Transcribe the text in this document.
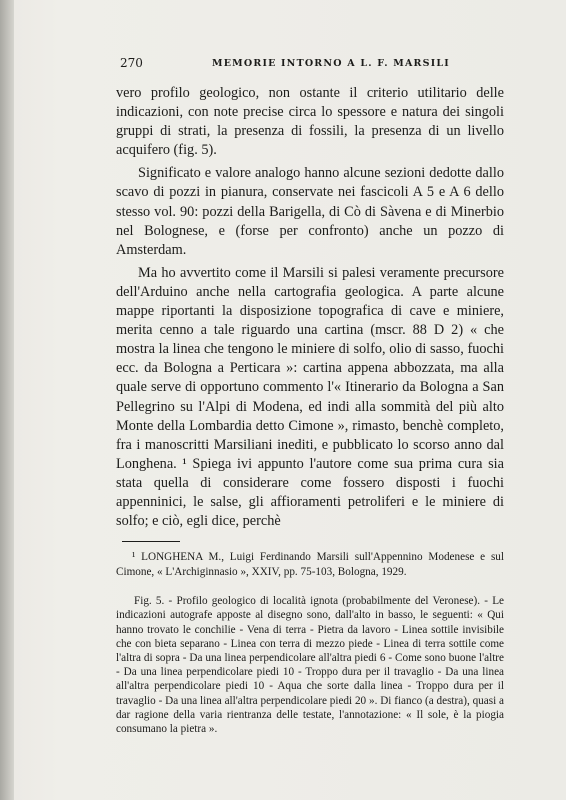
270	MEMORIE INTORNO A L. F. MARSILI

vero profilo geologico, non ostante il criterio utilitario delle indicazioni, con note precise circa lo spessore e natura dei singoli gruppi di strati, la presenza di fossili, la presenza di un livello acquifero (fig. 5).

Significato e valore analogo hanno alcune sezioni dedotte dallo scavo di pozzi in pianura, conservate nei fascicoli A 5 e A 6 dello stesso vol. 90: pozzi della Barigella, di Cò di Sàvena e di Minerbio nel Bolognese, e (forse per confronto) anche un pozzo di Amsterdam.

Ma ho avvertito come il Marsili si palesi veramente precursore dell'Arduino anche nella cartografia geologica. A parte alcune mappe riportanti la disposizione topografica di cave e miniere, merita cenno a tale riguardo una cartina (mscr. 88 D 2) « che mostra la linea che tengono le miniere di solfo, olio di sasso, fuochi ecc. da Bologna a Perticara »: cartina appena abbozzata, ma alla quale serve di opportuno commento l'« Itinerario da Bologna a San Pellegrino su l'Alpi di Modena, ed indi alla sommità del più alto Monte della Lombardia detto Cimone », rimasto, benchè completo, fra i manoscritti Marsiliani inediti, e pubblicato lo scorso anno dal Longhena. ¹ Spiega ivi appunto l'autore come sua prima cura sia stata quella di considerare come fossero disposti i fuochi appenninici, le salse, gli affioramenti petroliferi e le miniere di solfo; e ciò, egli dice, perchè

¹ LONGHENA M., Luigi Ferdinando Marsili sull'Appennino Modenese e sul Cimone, « L'Archiginnasio », XXIV, pp. 75-103, Bologna, 1929.

Fig. 5. - Profilo geologico di località ignota (probabilmente del Veronese). - Le indicazioni autografe apposte al disegno sono, dall'alto in basso, le seguenti: « Qui hanno trovato le conchilie - Vena di terra - Pietra da lavoro - Linea sottile invisibile che con bieta separano - Linea con terra di mezzo piede - Linea di terra sottile come l'altra di sopra - Da una linea perpendicolare all'altra piedi 6 - Come sono buone l'altre - Da una linea perpendicolare piedi 10 - Troppo dura per il travaglio - Da una linea all'altra perpendicolare piedi 10 - Aqua che sorte dalla linea - Troppo dura per il travaglio - Da una linea all'altra perpendicolare piedi 20 ». Di fianco (a destra), quasi a dar ragione della varia rientranza delle testate, l'annotazione: « Il sole, è la piogia consumano la pietra ».
